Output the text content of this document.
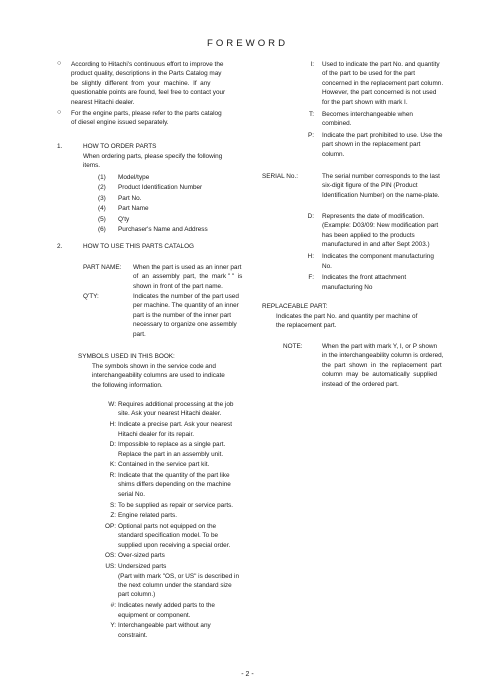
FOREWORD
○ According to Hitachi's continuous effort to improve the
product quality, descriptions in the Parts Catalog may
be  slightly  different  from  your  machine.  If  any
questionable points are found, feel free to contact your
nearest Hitachi dealer.
○ For the engine parts, please refer to the parts catalog
of diesel engine issued separately.
1.	HOW TO ORDER PARTS
When ordering parts, please specify the following
items.
(1) Model/type
(2) Product Identification Number
(3) Part No.
(4) Part Name
(5) Q'ty
(6) Purchaser's Name and Address
2.	HOW TO USE THIS PARTS CATALOG
PART NAME: When the part is used as an inner part
of  an  assembly  part,  the  mark " "  is
shown in front of the part name.
Q'TY:	Indicates the number of the part used
per machine. The quantity of an inner
part is the number of the inner part
necessary to organize one assembly
part.
SYMBOLS USED IN THIS BOOK:
The symbols shown in the service code and
interchangeability columns are used to indicate
the following information.
W: Requires additional processing at the job
site. Ask your nearest Hitachi dealer.
H: Indicate a precise part. Ask your nearest
Hitachi dealer for its repair.
D: Impossible to replace as a single part.
Replace the part in an assembly unit.
K: Contained in the service part kit.
R: Indicate that the quantity of the part like
shims differs depending on the machine
serial No.
S: To be supplied as repair or service parts.
Z: Engine related parts.
OP: Optional parts not equipped on the
standard specification model. To be
supplied upon receiving a special order.
OS: Over-sized parts
US: Undersized parts
(Part with mark "OS, or US" is described in
the next column under the standard size
part column.)
#: Indicates newly added parts to the
equipment or component.
Y: Interchangeable part without any
constraint.
I: Used to indicate the part No. and quantity
of the part to be used for the part
concerned in the replacement part column.
However, the part concerned is not used
for the part shown with mark I.
T: Becomes interchangeable when
combined.
P: Indicate the part prohibited to use. Use the
part shown in the replacement part
column.
SERIAL No.:	The serial number corresponds to the last
six-digit figure of the PIN (Product
Identification Number) on the name-plate.
D: Represents the date of modification.
(Example: D03/09: New modification part
has been applied to the products
manufactured in and after Sept 2003.)
H: Indicates the component manufacturing
No.
F: Indicates the front attachment
manufacturing No
REPLACEABLE PART:
Indicates the part No. and quantity per machine of
the replacement part.
NOTE:	When the part with mark Y, I, or P shown
in the interchangeability column is ordered,
the  part  shown  in  the  replacement  part
column  may  be  automatically  supplied
instead of the ordered part.
- 2 -
